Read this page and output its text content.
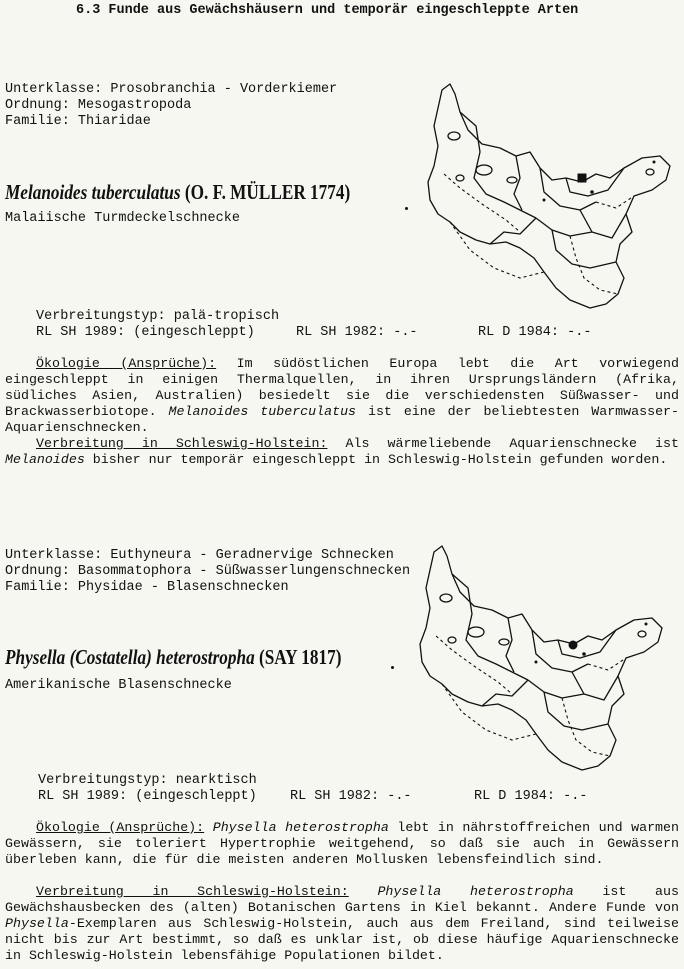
6.3 Funde aus Gewächshäusern und temporär eingeschleppte Arten
Unterklasse: Prosobranchia - Vorderkiemer
Ordnung: Mesogastropoda
Familie: Thiaridae
Melanoides tuberculatus (O. F. MÜLLER 1774)
Malaiische Turmdeckelschnecke
Verbreitungstyp: palä-tropisch
RL SH 1989: (eingeschleppt)	RL SH 1982: -.-	RL D 1984: -.-
Ökologie (Ansprüche): Im südöstlichen Europa lebt die Art vorwiegend eingeschleppt in einigen Thermalquellen, in ihren Ursprungsländern (Afrika, südliches Asien, Australien) besiedelt sie die verschiedensten Süßwasser- und Brackwasserbiotope. Melanoides tuberculatus ist eine der beliebtesten Warmwasser-Aquarienschnecken.
Verbreitung in Schleswig-Holstein: Als wärmeliebende Aquarienschnecke ist Melanoides bisher nur temporär eingeschleppt in Schleswig-Holstein gefunden worden.
Unterklasse: Euthyneura - Geradnervige Schnecken
Ordnung: Basommatophora - Süßwasserlungenschnecken
Familie: Physidae - Blasenschnecken
Physella (Costatella) heterostropha (SAY 1817)
Amerikanische Blasenschnecke
Verbreitungstyp: nearktisch
RL SH 1989: (eingeschleppt) RL SH 1982: -.-	RL D 1984: -.-
Ökologie (Ansprüche): Physella heterostropha lebt in nährstoffreichen und warmen Gewässern, sie toleriert Hypertrophie weitgehend, so daß sie auch in Gewässern überleben kann, die für die meisten anderen Mollusken lebensfeindlich sind.
Verbreitung in Schleswig-Holstein: Physella heterostropha ist aus Gewächshausbecken des (alten) Botanischen Gartens in Kiel bekannt. Andere Funde von Physella-Exemplaren aus Schleswig-Holstein, auch aus dem Freiland, sind teilweise nicht bis zur Art bestimmt, so daß es unklar ist, ob diese häufige Aquarienschnecke in Schleswig-Holstein lebensfähige Populationen bildet.
